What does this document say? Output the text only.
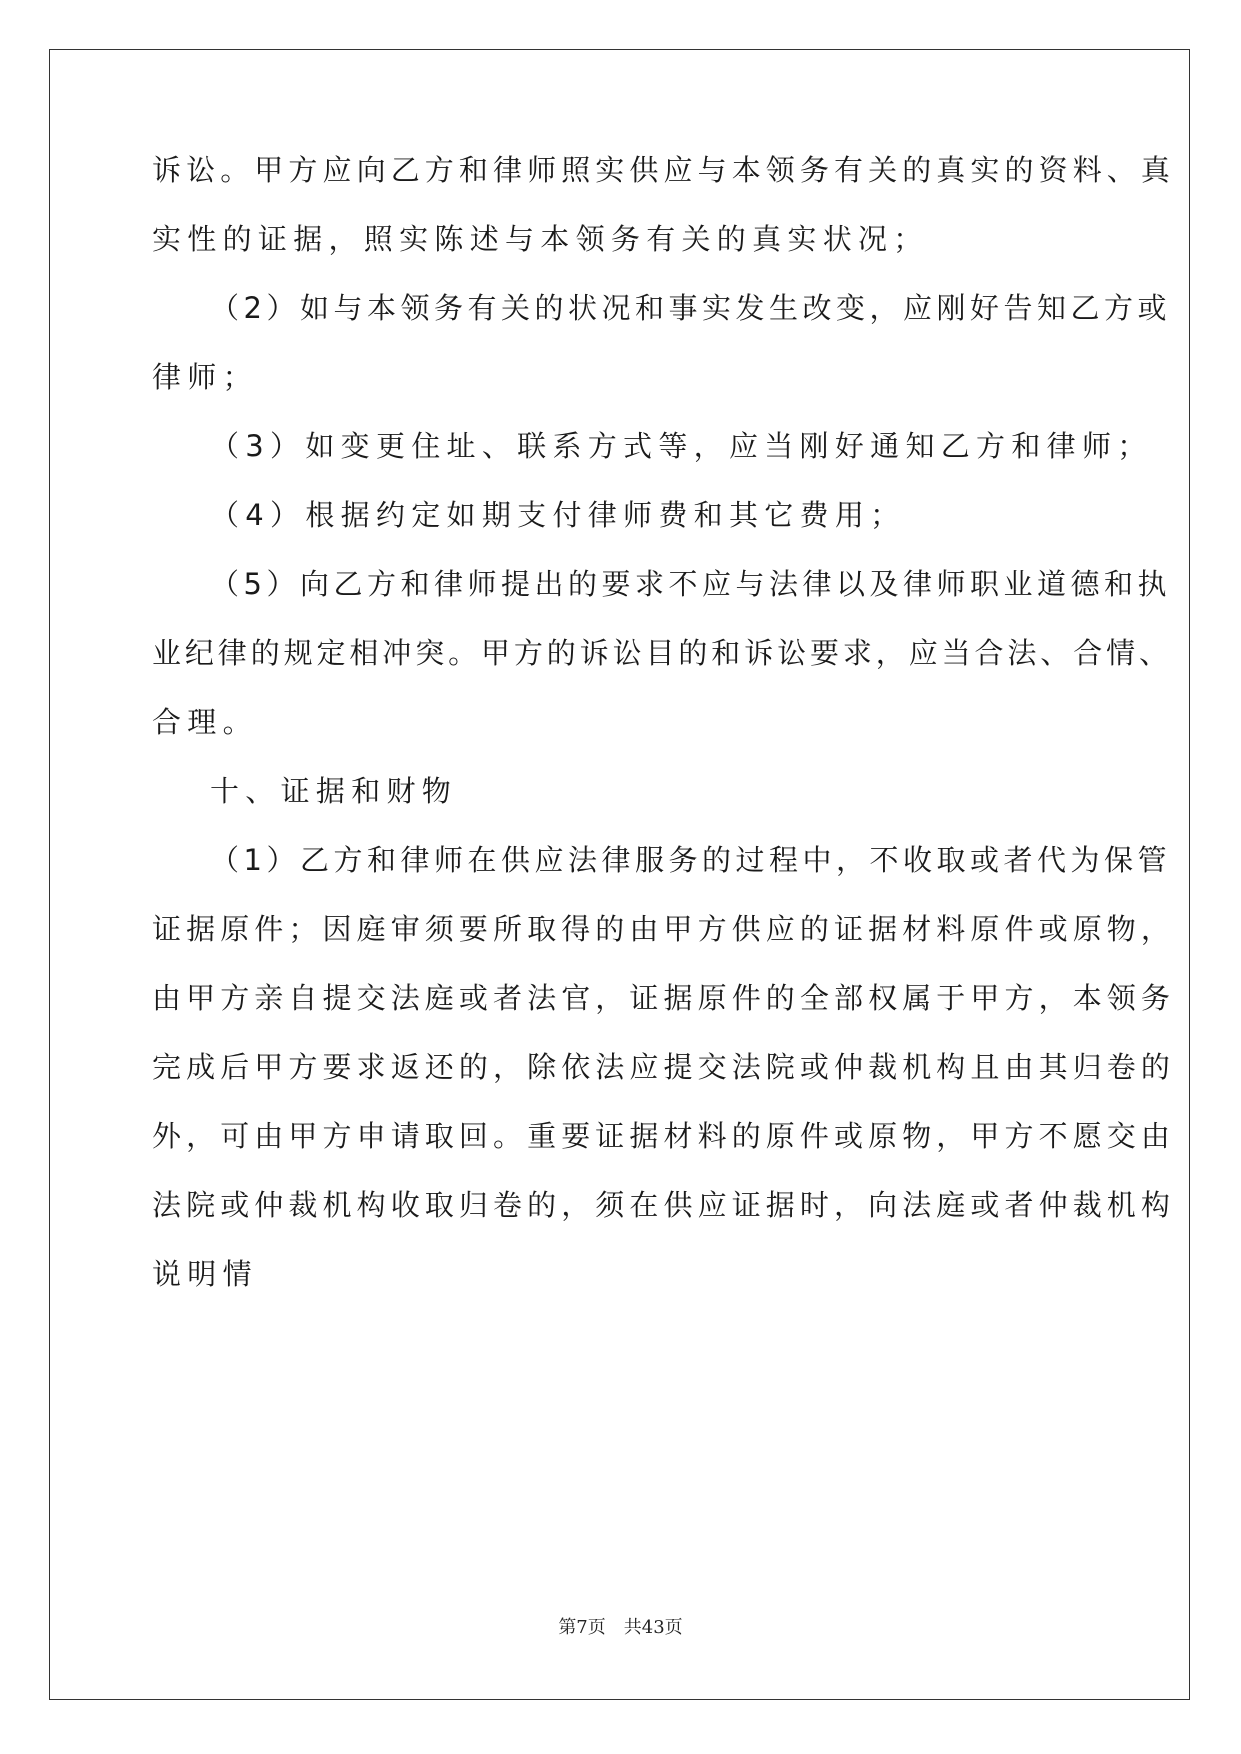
诉讼。甲方应向乙方和律师照实供应与本领务有关的真实的资料、真
实性的证据，照实陈述与本领务有关的真实状况；
（2）如与本领务有关的状况和事实发生改变，应刚好告知乙方或
律师；
（3）如变更住址、联系方式等，应当刚好通知乙方和律师；
（4）根据约定如期支付律师费和其它费用；
（5）向乙方和律师提出的要求不应与法律以及律师职业道德和执
业纪律的规定相冲突。甲方的诉讼目的和诉讼要求，应当合法、合情、
合理。
十、证据和财物
（1）乙方和律师在供应法律服务的过程中，不收取或者代为保管
证据原件；因庭审须要所取得的由甲方供应的证据材料原件或原物，
由甲方亲自提交法庭或者法官，证据原件的全部权属于甲方，本领务
完成后甲方要求返还的，除依法应提交法院或仲裁机构且由其归卷的
外，可由甲方申请取回。重要证据材料的原件或原物，甲方不愿交由
法院或仲裁机构收取归卷的，须在供应证据时，向法庭或者仲裁机构
说明情
第7页 共43页
